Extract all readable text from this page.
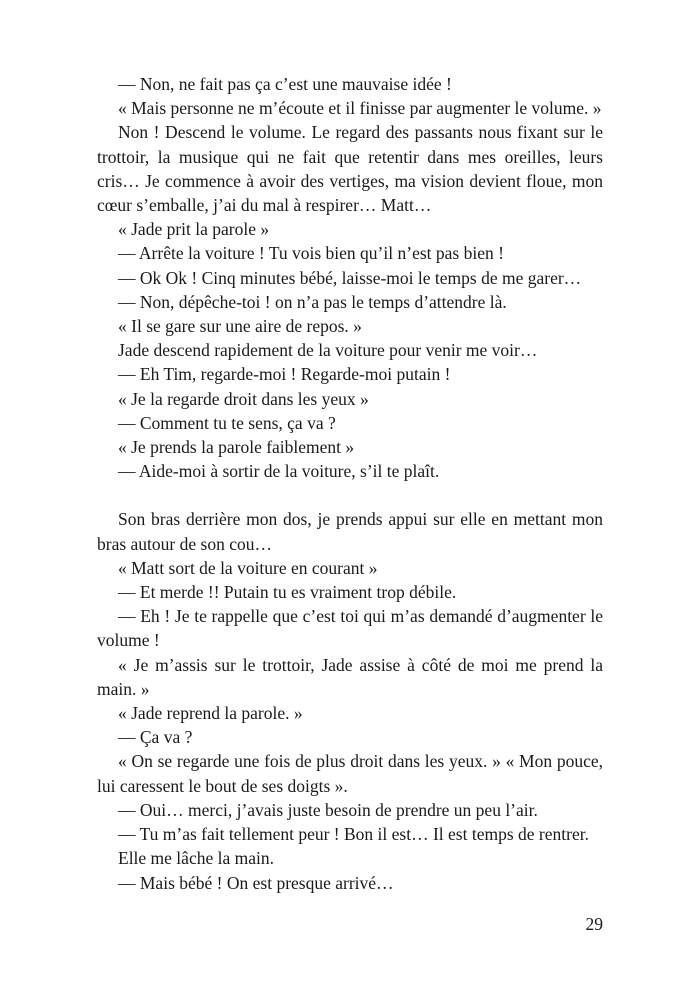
— Non, ne fait pas ça c’est une mauvaise idée !

« Mais personne ne m’écoute et il finisse par augmenter le volume. »

Non ! Descend le volume. Le regard des passants nous fixant sur le trottoir, la musique qui ne fait que retentir dans mes oreilles, leurs cris… Je commence à avoir des vertiges, ma vision devient floue, mon cœur s’emballe, j’ai du mal à respirer… Matt…

« Jade prit la parole »

— Arrête la voiture ! Tu vois bien qu’il n’est pas bien !

— Ok Ok ! Cinq minutes bébé, laisse-moi le temps de me garer…

— Non, dépêche-toi ! on n’a pas le temps d’attendre là.

« Il se gare sur une aire de repos. »

Jade descend rapidement de la voiture pour venir me voir…

— Eh Tim, regarde-moi ! Regarde-moi putain !

« Je la regarde droit dans les yeux »

— Comment tu te sens, ça va ?

« Je prends la parole faiblement »

— Aide-moi à sortir de la voiture, s’il te plaît.

Son bras derrière mon dos, je prends appui sur elle en mettant mon bras autour de son cou…

« Matt sort de la voiture en courant »

— Et merde !! Putain tu es vraiment trop débile.

— Eh ! Je te rappelle que c’est toi qui m’as demandé d’augmenter le volume !

« Je m’assis sur le trottoir, Jade assise à côté de moi me prend la main. »

« Jade reprend la parole. »

— Ça va ?

« On se regarde une fois de plus droit dans les yeux. » « Mon pouce, lui caressent le bout de ses doigts ».

— Oui… merci, j’avais juste besoin de prendre un peu l’air.

— Tu m’as fait tellement peur ! Bon il est… Il est temps de rentrer.

Elle me lâche la main.

— Mais bébé ! On est presque arrivé…

29
